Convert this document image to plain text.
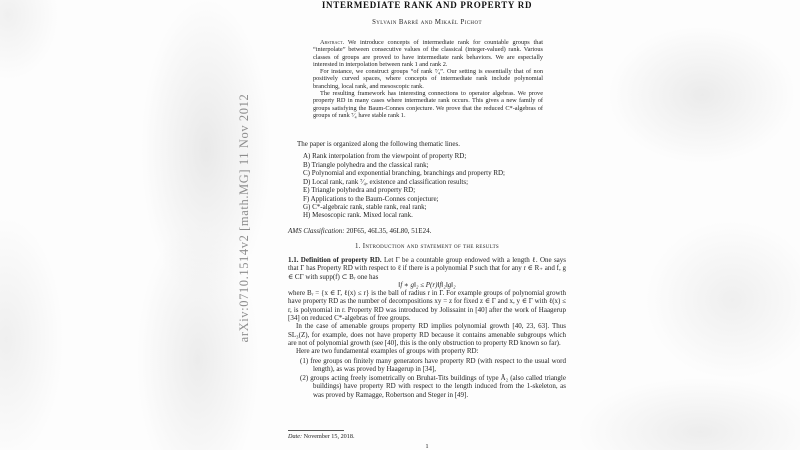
arXiv:0710.1514v2 [math.MG] 11 Nov 2012
INTERMEDIATE RANK AND PROPERTY RD
Sylvain Barré and Mikaël Pichot

Abstract. We introduce concepts of intermediate rank for countable groups that “interpolate” between consecutive values of the classical (integer-valued) rank. Various classes of groups are proved to have intermediate rank behaviors. We are especially interested in interpolation between rank 1 and rank 2.

For instance, we construct groups “of rank ⁷⁄₄”. Our setting is essentially that of non positively curved spaces, where concepts of intermediate rank include polynomial branching, local rank, and mesoscopic rank.

The resulting framework has interesting connections to operator algebras. We prove property RD in many cases where intermediate rank occurs. This gives a new family of groups satisfying the Baum-Connes conjecture. We prove that the reduced C*-algebras of groups of rank ⁷⁄₄ have stable rank 1.

The paper is organized along the following thematic lines.

A) Rank interpolation from the viewpoint of property RD;
B) Triangle polyhedra and the classical rank;
C) Polynomial and exponential branching, branchings and property RD;
D) Local rank, rank ⁷⁄₄, existence and classification results;
E) Triangle polyhedra and property RD;
F) Applications to the Baum-Connes conjecture;
G) C*-algebraic rank, stable rank, real rank;
H) Mesoscopic rank. Mixed local rank.
AMS Classification: 20F65, 46L35, 46L80, 51E24.
1. Introduction and statement of the results

1.1. Definition of property RD. Let Γ be a countable group endowed with a length ℓ. One says that Γ has Property RD with respect to ℓ if there is a polynomial P such that for any r ∈ R₊ and f, g ∈ CΓ with supp(f) ⊂ Bᵣ one has

‖f ∗ g‖₂ ≤ P(r)‖f‖₂‖g‖₂

where Bᵣ = {x ∈ Γ, ℓ(x) ≤ r} is the ball of radius r in Γ. For example groups of polynomial growth have property RD as the number of decompositions xy = z for fixed z ∈ Γ and x, y ∈ Γ with ℓ(x) ≤ r, is polynomial in r. Property RD was introduced by Jolissaint in [40] after the work of Haagerup [34] on reduced C*-algebras of free groups.

In the case of amenable groups property RD implies polynomial growth [40, 23, 63]. Thus SL₃(Z), for example, does not have property RD because it contains amenable subgroups which are not of polynomial growth (see [40], this is the only obstruction to property RD known so far).

Here are two fundamental examples of groups with property RD:

(1) free groups on finitely many generators have property RD (with respect to the usual word length), as was proved by Haagerup in [34],
(2) groups acting freely isometrically on Bruhat-Tits buildings of type Ã₂ (also called triangle buildings) have property RD with respect to the length induced from the 1-skeleton, as was proved by Ramagge, Robertson and Steger in [49].
Date: November 15, 2018.
1
